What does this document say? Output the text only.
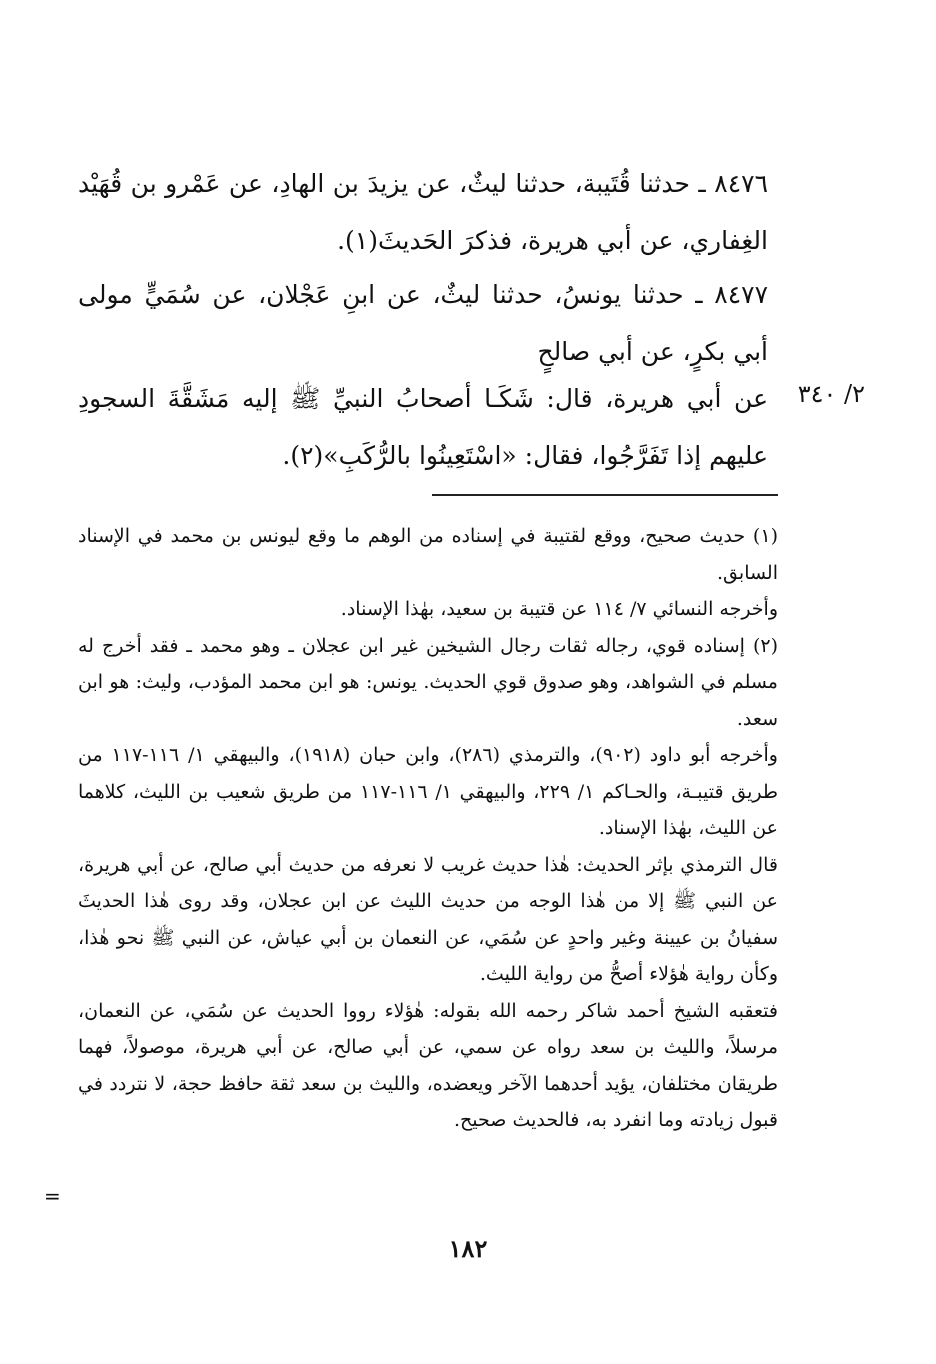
٨٤٧٦ ـ حدثنا قُتَيبة، حدثنا ليثٌ، عن يزيدَ بن الهادِ، عن عَمْرو بن قُهَيْد الغِفاري، عن أبي هريرة، فذكرَ الحَديثَ(١).

٨٤٧٧ ـ حدثنا يونسُ، حدثنا ليثٌ، عن ابنِ عَجْلان، عن سُمَيٍّ مولى أبي بكرٍ، عن أبي صالحٍ

٢/ ٣٤٠

عن أبي هريرة، قال: شَكَـا أصحابُ النبيِّ ﷺ إليه مَشَقَّةَ السجودِ عليهم إذا تَفَرَّجُوا، فقال: «اسْتَعِينُوا بالرُّكَبِ»(٢).

(١) حديث صحيح، ووقع لقتيبة في إسناده من الوهم ما وقع ليونس بن محمد في الإسناد السابق.

وأخرجه النسائي ٧/ ١١٤ عن قتيبة بن سعيد، بهٰذا الإسناد.

(٢) إسناده قوي، رجاله ثقات رجال الشيخين غير ابن عجلان ـ وهو محمد ـ فقد أخرج له مسلم في الشواهد، وهو صدوق قوي الحديث. يونس: هو ابن محمد المؤدب، وليث: هو ابن سعد.

وأخرجه أبو داود (٩٠٢)، والترمذي (٢٨٦)، وابن حبان (١٩١٨)، والبيهقي ١/ ١١٦-١١٧ من طريق قتيبـة، والحـاكم ١/ ٢٢٩، والبيهقي ١/ ١١٦-١١٧ من طريق شعيب بن الليث، كلاهما عن الليث، بهٰذا الإسناد.

قال الترمذي بإثر الحديث: هٰذا حديث غريب لا نعرفه من حديث أبي صالح، عن أبي هريرة، عن النبي ﷺ إلا من هٰذا الوجه من حديث الليث عن ابن عجلان، وقد روى هٰذا الحديثَ سفيانُ بن عيينة وغير واحدٍ عن سُمَي، عن النعمان بن أبي عياش، عن النبي ﷺ نحو هٰذا، وكأن رواية هٰؤلاء أصحُّ من رواية الليث.

فتعقبه الشيخ أحمد شاكر رحمه الله بقوله: هٰؤلاء رووا الحديث عن سُمَي، عن النعمان، مرسلاً، والليث بن سعد رواه عن سمي، عن أبي صالح، عن أبي هريرة، موصولاً، فهما طريقان مختلفان، يؤيد أحدهما الآخر ويعضده، والليث بن سعد ثقة حافظ حجة، لا نتردد في قبول زيادته وما انفرد به، فالحديث صحيح.

=
١٨٢
